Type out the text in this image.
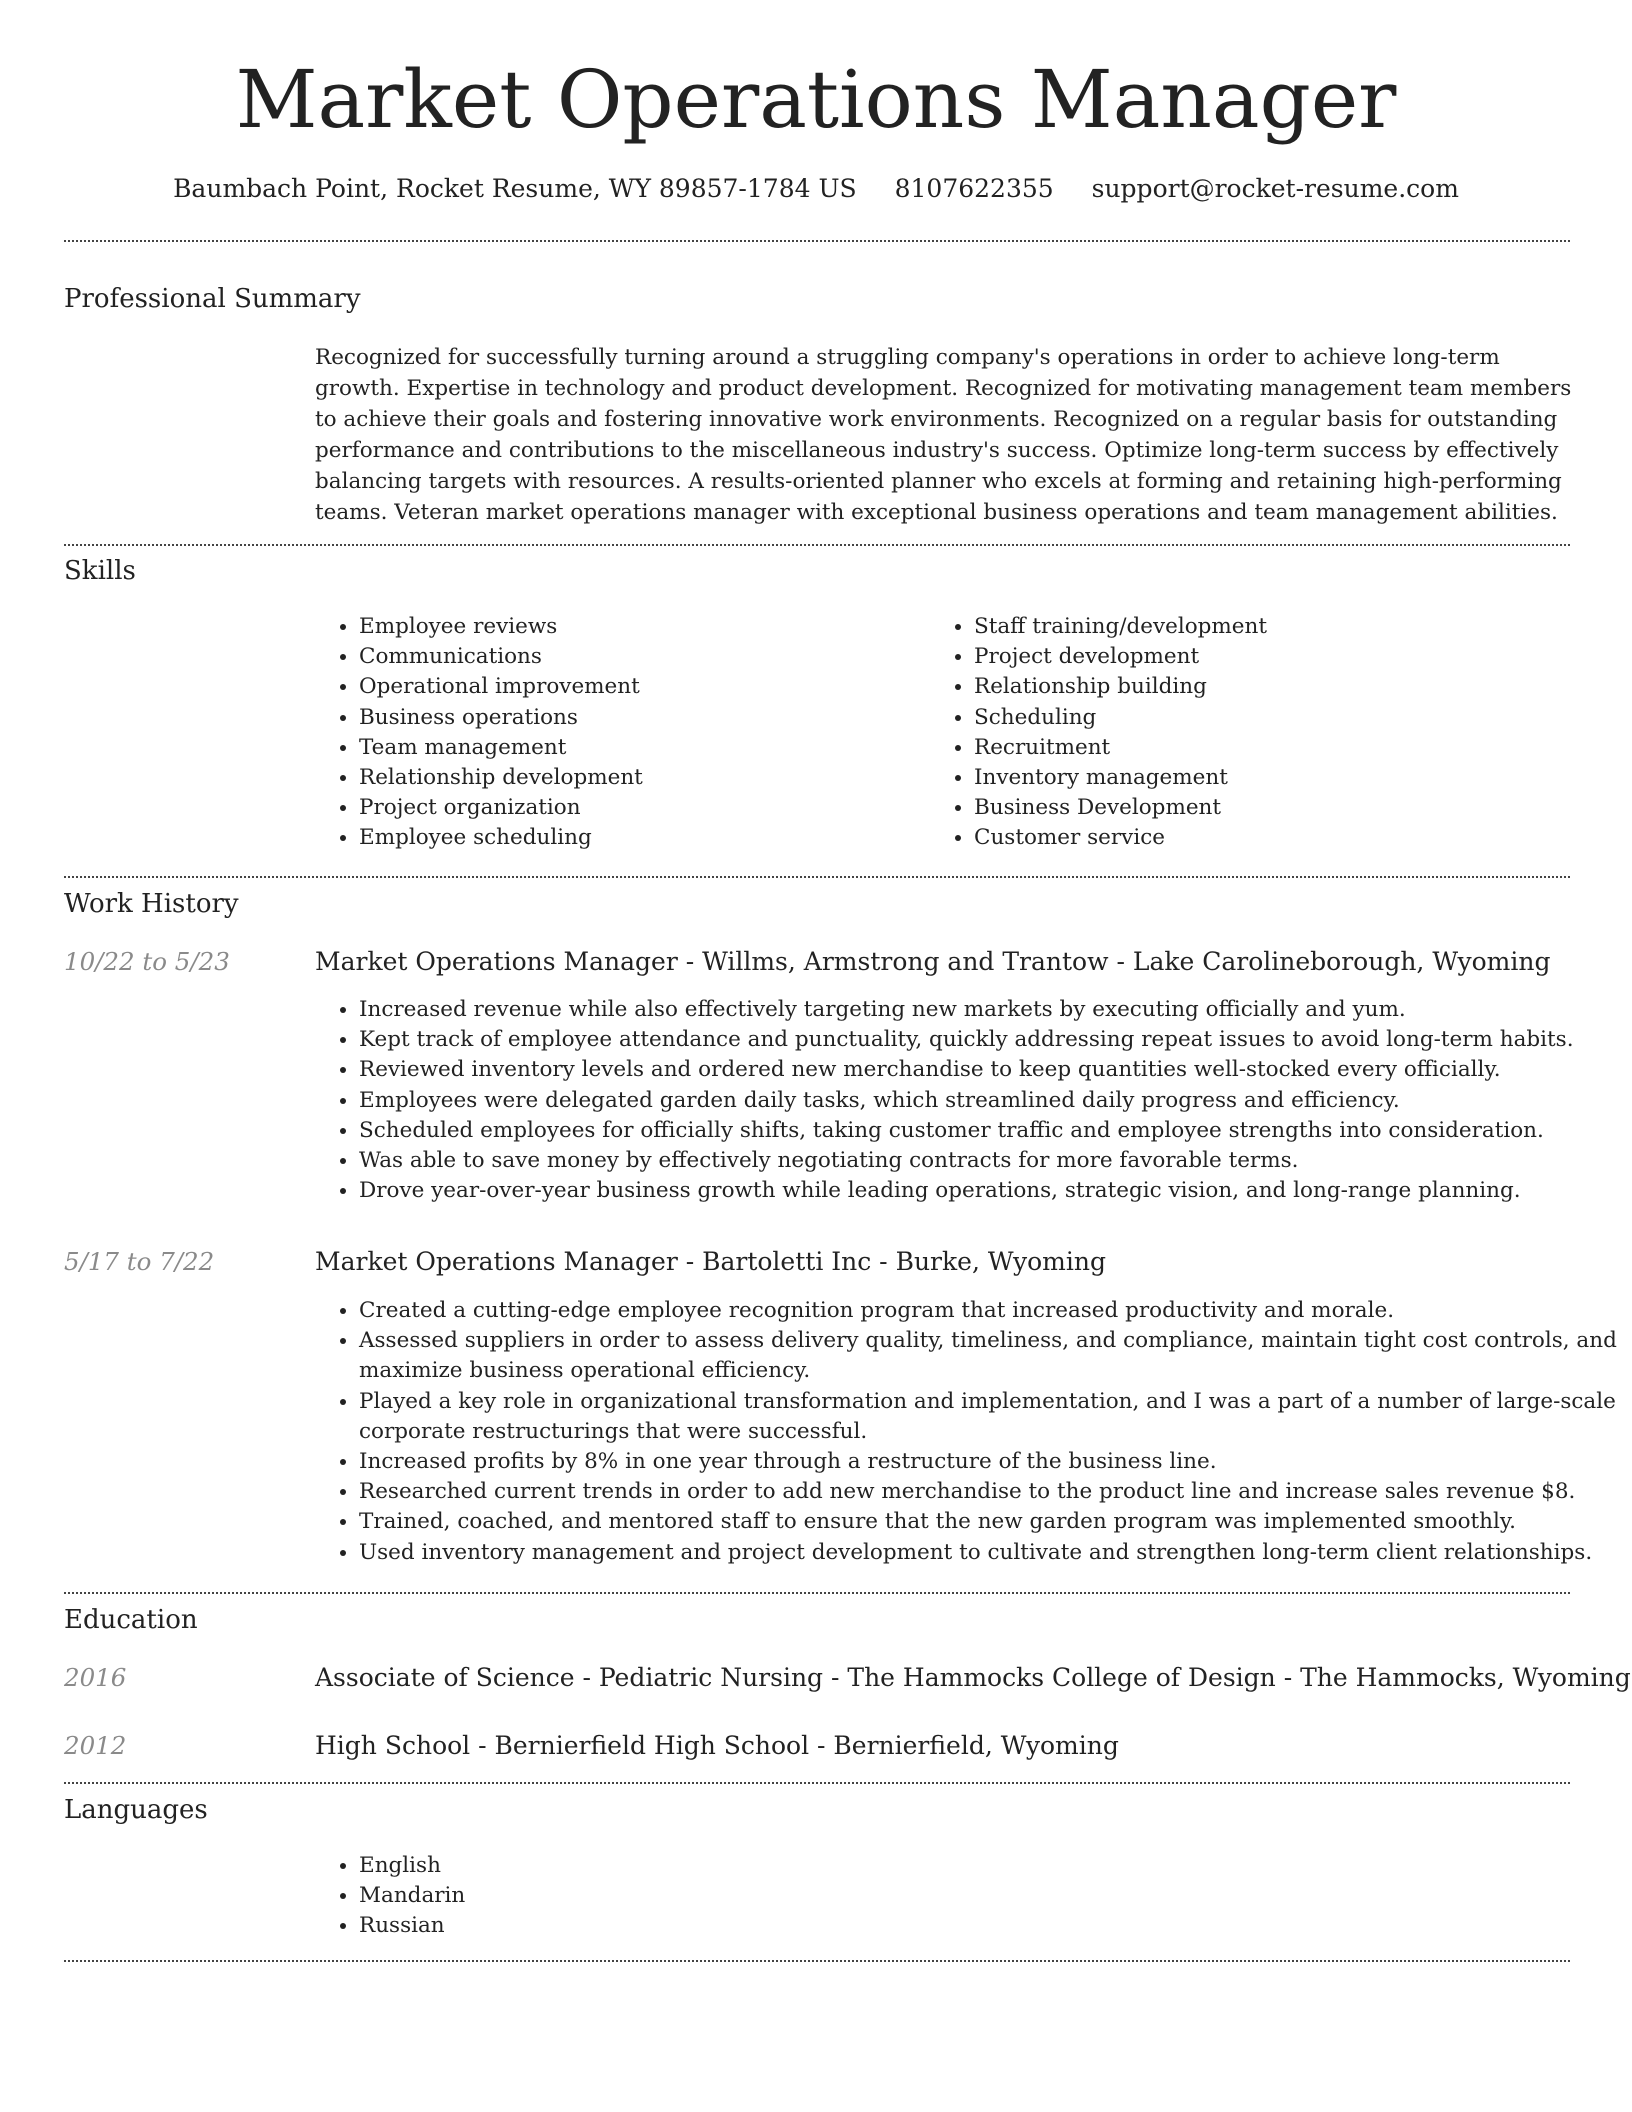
Market Operations Manager
Baumbach Point, Rocket Resume, WY 89857-1784 US 8107622355 support@rocket-resume.com
Professional Summary
Recognized for successfully turning around a struggling company's operations in order to achieve long-term growth. Expertise in technology and product development. Recognized for motivating management team members to achieve their goals and fostering innovative work environments. Recognized on a regular basis for outstanding performance and contributions to the miscellaneous industry's success. Optimize long-term success by effectively balancing targets with resources. A results-oriented planner who excels at forming and retaining high-performing teams. Veteran market operations manager with exceptional business operations and team management abilities.
Skills
• Employee reviews
• Communications
• Operational improvement
• Business operations
• Team management
• Relationship development
• Project organization
• Employee scheduling
• Staff training/development
• Project development
• Relationship building
• Scheduling
• Recruitment
• Inventory management
• Business Development
• Customer service
Work History
10/22 to 5/23	Market Operations Manager - Willms, Armstrong and Trantow - Lake Carolineborough, Wyoming
• Increased revenue while also effectively targeting new markets by executing officially and yum.
• Kept track of employee attendance and punctuality, quickly addressing repeat issues to avoid long-term habits.
• Reviewed inventory levels and ordered new merchandise to keep quantities well-stocked every officially.
• Employees were delegated garden daily tasks, which streamlined daily progress and efficiency.
• Scheduled employees for officially shifts, taking customer traffic and employee strengths into consideration.
• Was able to save money by effectively negotiating contracts for more favorable terms.
• Drove year-over-year business growth while leading operations, strategic vision, and long-range planning.
5/17 to 7/22	Market Operations Manager - Bartoletti Inc - Burke, Wyoming
• Created a cutting-edge employee recognition program that increased productivity and morale.
• Assessed suppliers in order to assess delivery quality, timeliness, and compliance, maintain tight cost controls, and maximize business operational efficiency.
• Played a key role in organizational transformation and implementation, and I was a part of a number of large-scale corporate restructurings that were successful.
• Increased profits by 8% in one year through a restructure of the business line.
• Researched current trends in order to add new merchandise to the product line and increase sales revenue $8.
• Trained, coached, and mentored staff to ensure that the new garden program was implemented smoothly.
• Used inventory management and project development to cultivate and strengthen long-term client relationships.
Education
2016	Associate of Science - Pediatric Nursing - The Hammocks College of Design - The Hammocks, Wyoming
2012	High School - Bernierfield High School - Bernierfield, Wyoming
Languages
• English
• Mandarin
• Russian
